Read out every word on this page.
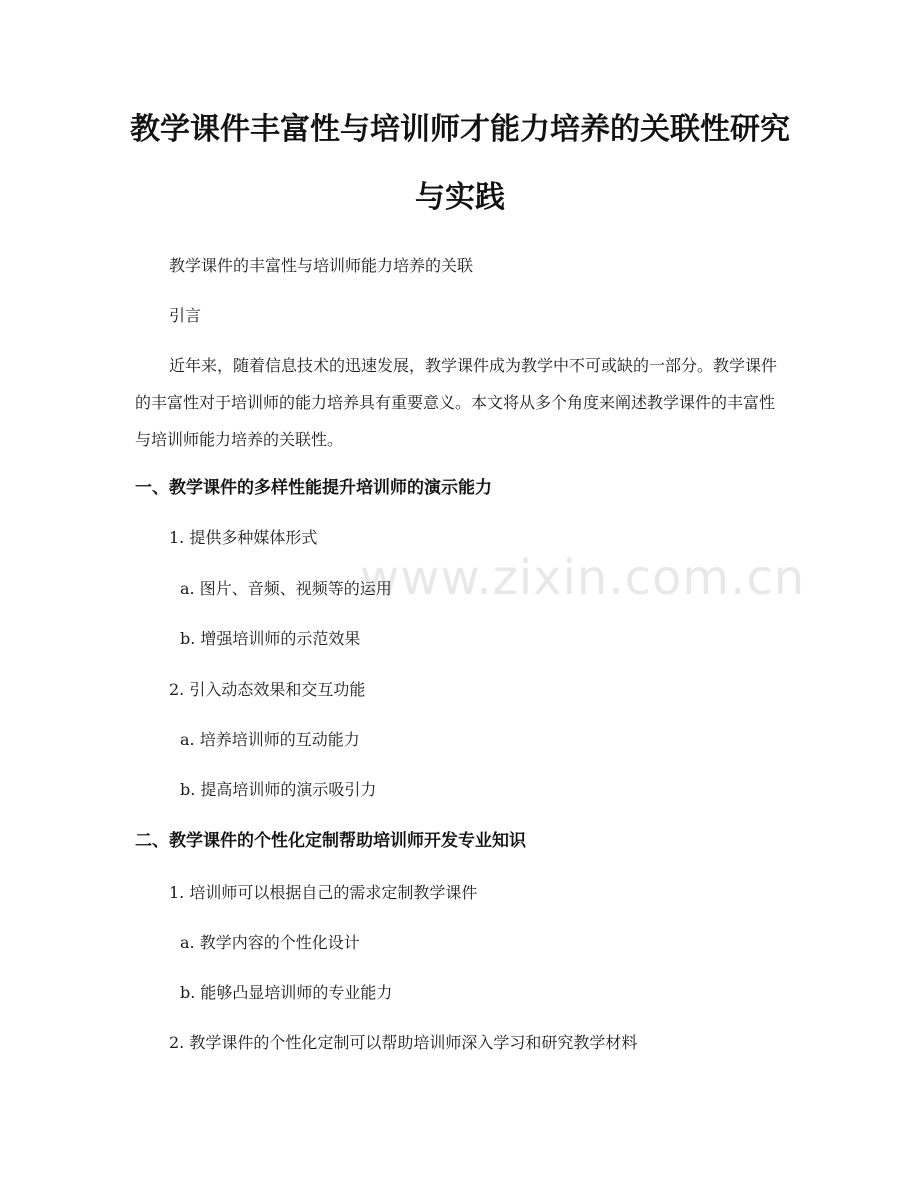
教学课件丰富性与培训师才能力培养的关联性研究与实践

教学课件的丰富性与培训师能力培养的关联

引言

近年来，随着信息技术的迅速发展，教学课件成为教学中不可或缺的一部分。教学课件的丰富性对于培训师的能力培养具有重要意义。本文将从多个角度来阐述教学课件的丰富性与培训师能力培养的关联性。

一、教学课件的多样性能提升培训师的演示能力

1. 提供多种媒体形式

a. 图片、音频、视频等的运用

b. 增强培训师的示范效果

2. 引入动态效果和交互功能

a. 培养培训师的互动能力

b. 提高培训师的演示吸引力

二、教学课件的个性化定制帮助培训师开发专业知识

1. 培训师可以根据自己的需求定制教学课件

a. 教学内容的个性化设计

b. 能够凸显培训师的专业能力

2. 教学课件的个性化定制可以帮助培训师深入学习和研究教学材料

www.zixin.com.cn
